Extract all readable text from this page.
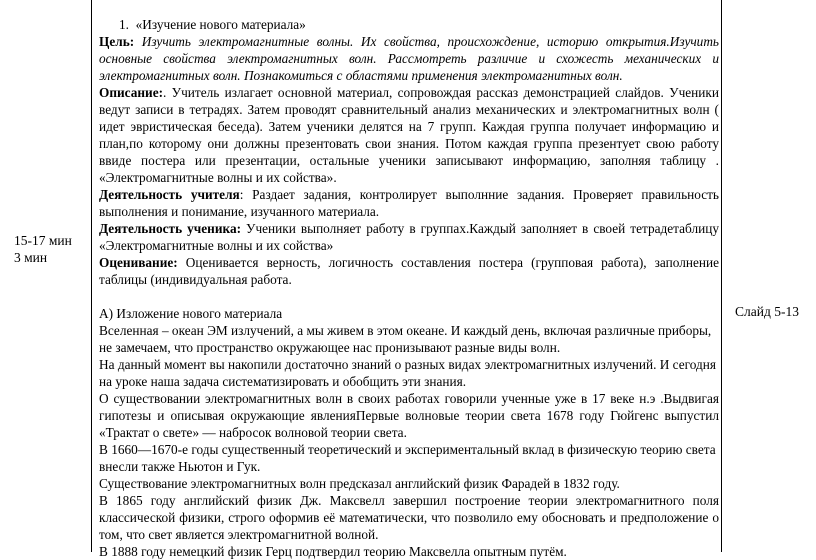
15-17 мин
3 мин
Слайд 5-13

1. «Изучение нового материала»

Цель: Изучить электромагнитные волны. Их свойства, происхождение, историю открытия.Изучить основные свойства электромагнитных волн. Рассмотреть различие и схожесть механических и электромагнитных волн. Познакомиться с областями применения электромагнитных волн.

Описание:. Учитель излагает основной материал, сопровождая рассказ демонстрацией слайдов. Ученики ведут записи в тетрадях. Затем проводят сравнительный анализ механических и электромагнитных волн ( идет эвристическая беседа). Затем ученики делятся на 7 групп. Каждая группа получает информацию и план,по которому они должны презентовать свои знания. Потом каждая группа презентует свою работу ввиде постера или презентации, остальные ученики записывают информацию, заполняя таблицу . «Электромагнитные волны и их сойства».

Деятельность учителя: Раздает задания, контролирует выполнние задания. Проверяет правильность выполнения и понимание, изучанного материала.

Деятельность ученика: Ученики выполняет работу в группах.Каждый заполняет в своей тетрадетаблицу «Электромагнитные волны и их сойства»

Оценивание: Оценивается верность, логичность составления постера (групповая работа), заполнение таблицы (индивидуальная работа.

А) Изложение нового материала

Вселенная – океан ЭМ излучений, а мы живем в этом океане. И каждый день, включая различные приборы, не замечаем, что пространство окружающее нас пронизывают разные виды волн.

На данный момент вы накопили достаточно знаний о разных видах электромагнитных излучений. И сегодня на уроке наша задача систематизировать и обобщить эти знания.

О существовании электромагнитных волн в своих работах говорили ученные уже в 17 веке н.э .Выдвигая гипотезы и описывая окружающие явленияПервые волновые теории света 1678 году Гюйгенс выпустил «Трактат о свете» — набросок волновой теории света.

В 1660—1670-е годы существенный теоретический и экспериментальный вклад в физическую теорию света внесли также Ньютон и Гук.

Существование электромагнитных волн предсказал английский физик Фарадей в 1832 году.

В 1865 году английский физик Дж. Максвелл завершил построение теории электромагнитного поля классической физики, строго оформив её математически, что позволило ему обосновать и предположение о том, что свет является электромагнитной волной.

В 1888 году немецкий физик Герц подтвердил теорию Максвелла опытным путём.
